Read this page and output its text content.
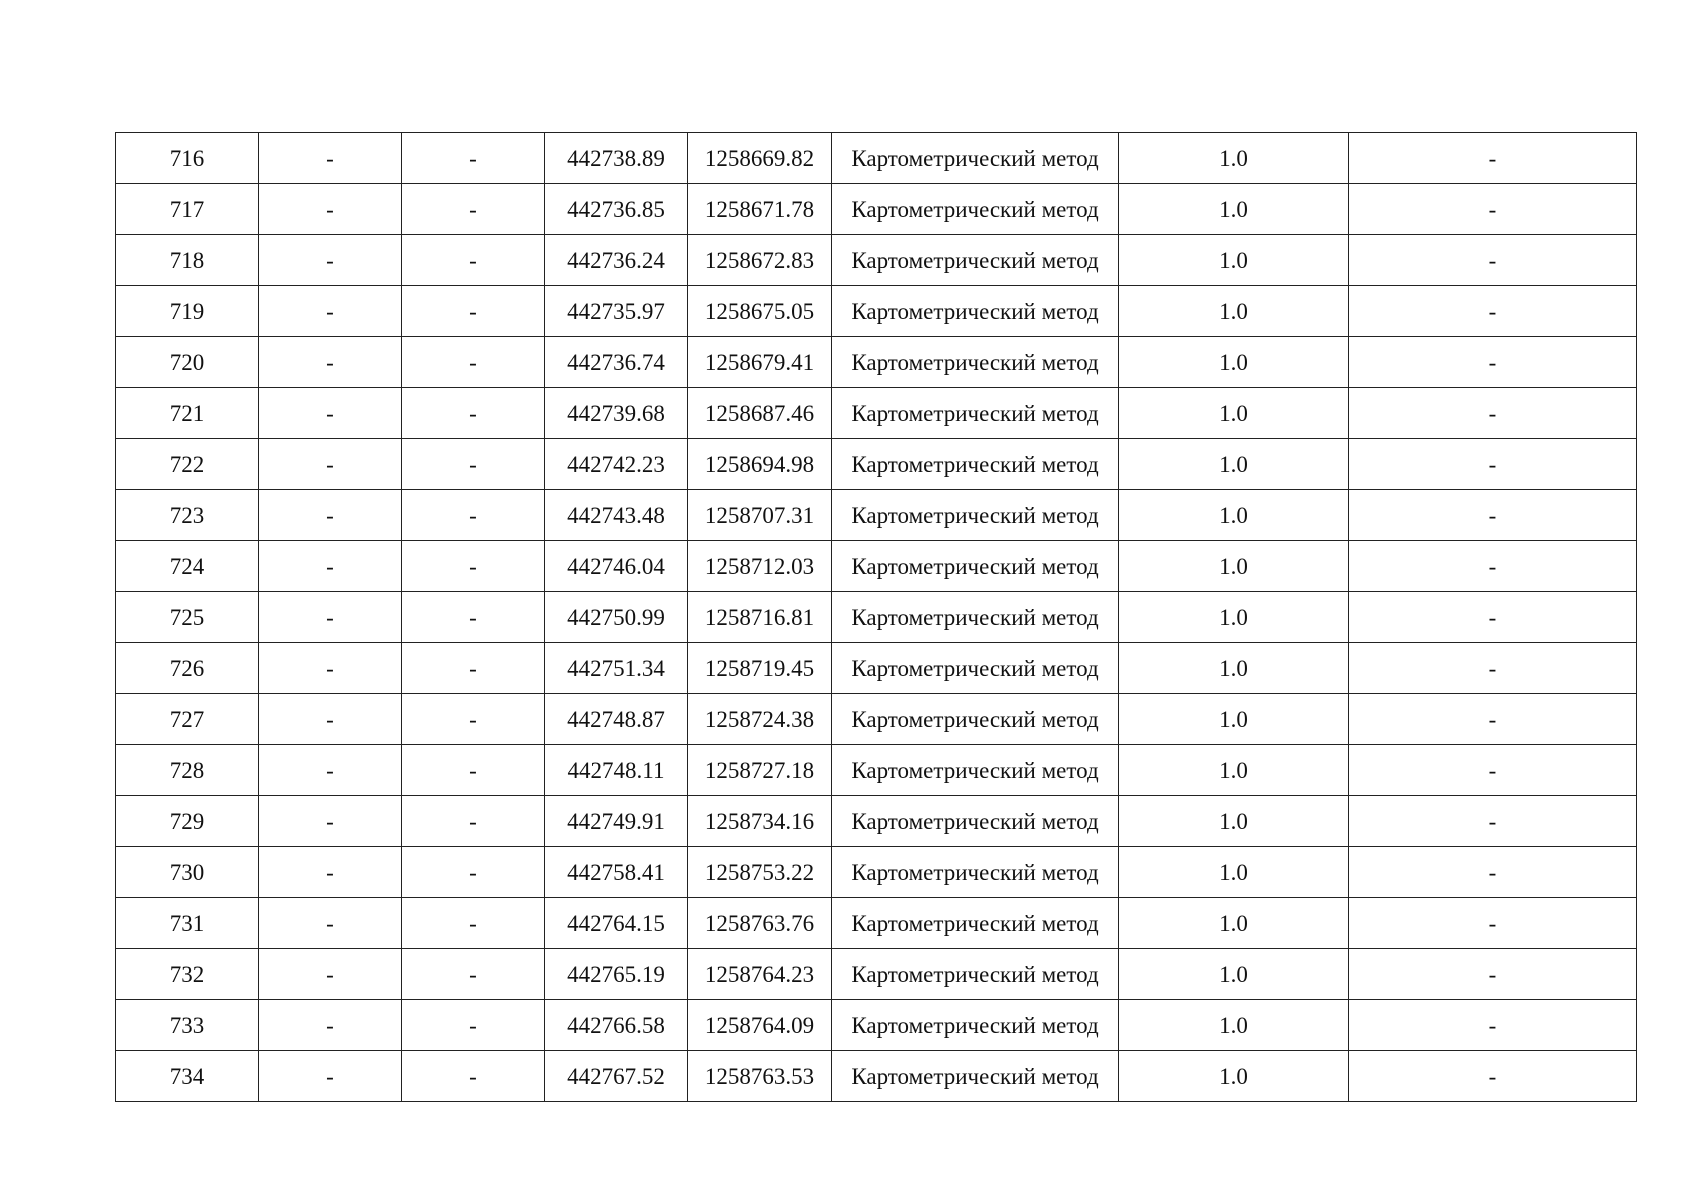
716	-	-	442738.89	1258669.82	Картометрический метод	1.0	-
717	-	-	442736.85	1258671.78	Картометрический метод	1.0	-
718	-	-	442736.24	1258672.83	Картометрический метод	1.0	-
719	-	-	442735.97	1258675.05	Картометрический метод	1.0	-
720	-	-	442736.74	1258679.41	Картометрический метод	1.0	-
721	-	-	442739.68	1258687.46	Картометрический метод	1.0	-
722	-	-	442742.23	1258694.98	Картометрический метод	1.0	-
723	-	-	442743.48	1258707.31	Картометрический метод	1.0	-
724	-	-	442746.04	1258712.03	Картометрический метод	1.0	-
725	-	-	442750.99	1258716.81	Картометрический метод	1.0	-
726	-	-	442751.34	1258719.45	Картометрический метод	1.0	-
727	-	-	442748.87	1258724.38	Картометрический метод	1.0	-
728	-	-	442748.11	1258727.18	Картометрический метод	1.0	-
729	-	-	442749.91	1258734.16	Картометрический метод	1.0	-
730	-	-	442758.41	1258753.22	Картометрический метод	1.0	-
731	-	-	442764.15	1258763.76	Картометрический метод	1.0	-
732	-	-	442765.19	1258764.23	Картометрический метод	1.0	-
733	-	-	442766.58	1258764.09	Картометрический метод	1.0	-
734	-	-	442767.52	1258763.53	Картометрический метод	1.0	-
